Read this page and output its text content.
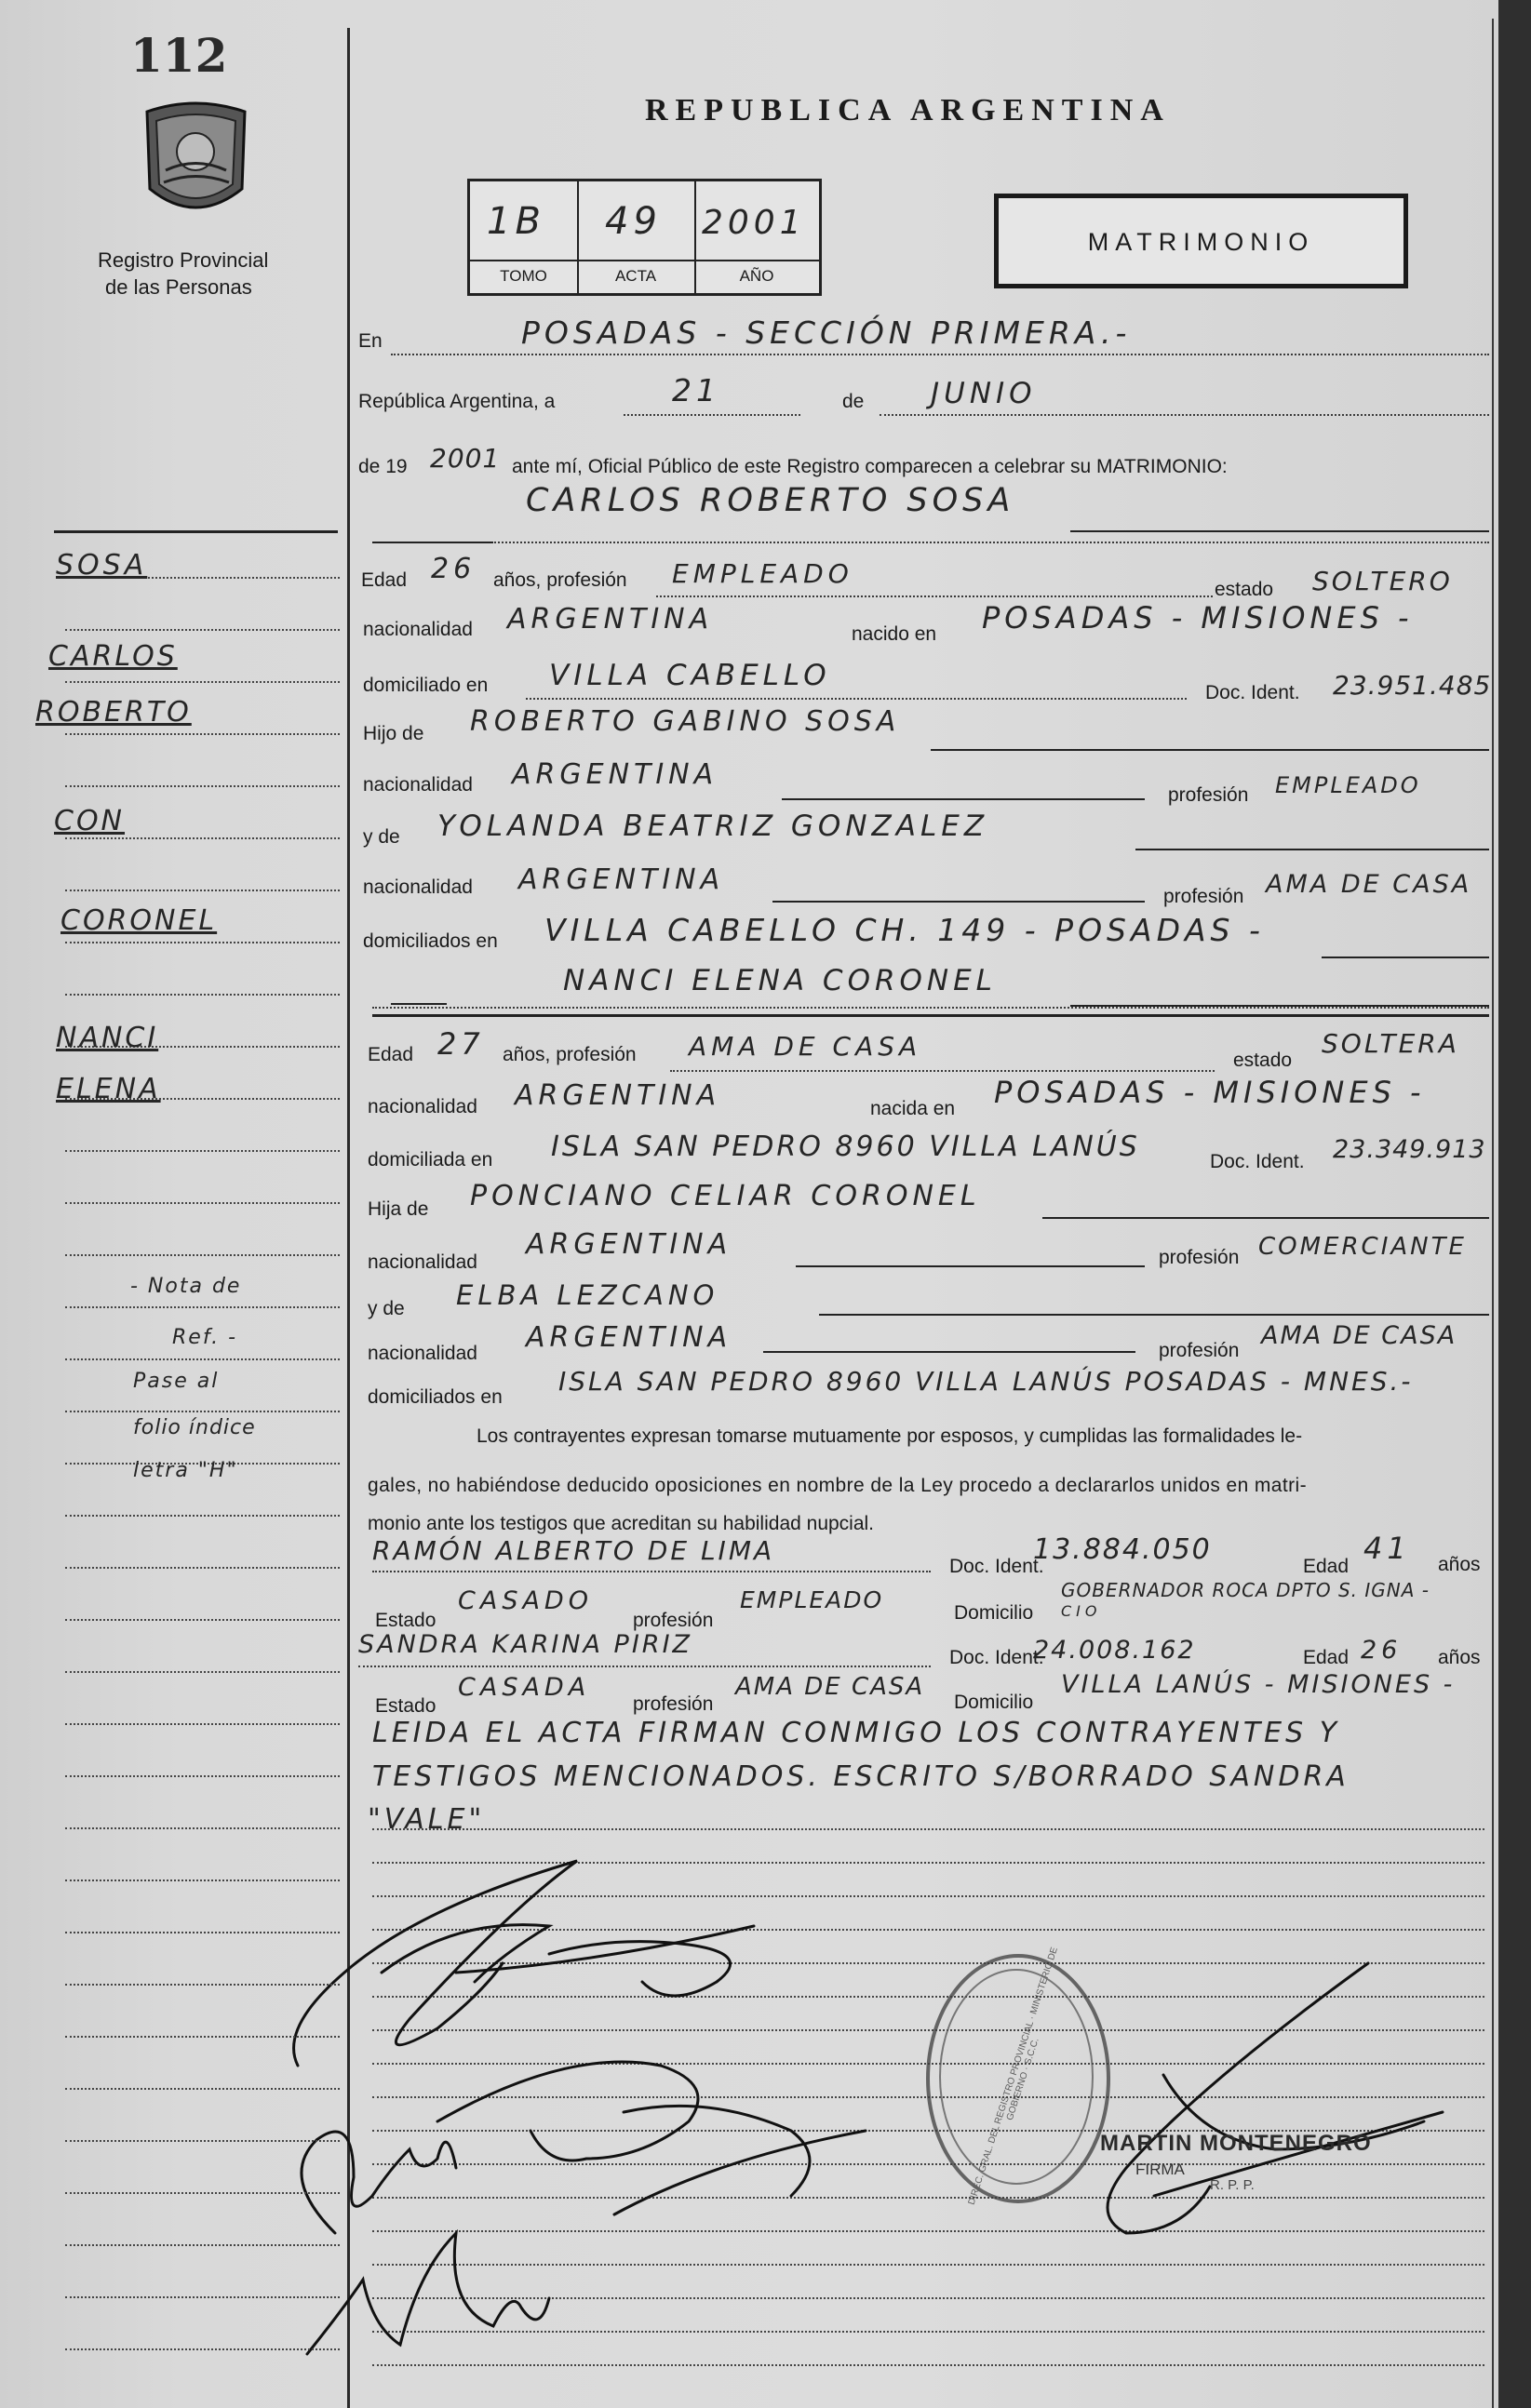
112
Registro Provincial
de las Personas
REPUBLICA ARGENTINA
1B
TOMO
49
ACTA
2001
AÑO
MATRIMONIO
En	POSADAS - SECCIÓN PRIMERA.-
República Argentina, a	21	de JUNIO
de 19 2001 ante mí, Oficial Público de este Registro comparecen a celebrar su MATRIMONIO:
CARLOS ROBERTO SOSA
Edad 26 años, profesión EMPLEADO
estado SOLTERO
nacionalidad ARGENTINA	nacido en POSADAS - MISIONES -
domiciliado en VILLA CABELLO
Doc. Ident. 23.951.485
Hijo de ROBERTO GABINO SOSA
nacionalidad ARGENTINA
profesión EMPLEADO
y de YOLANDA BEATRIZ GONZALEZ
nacionalidad ARGENTINA
profesión AMA DE CASA
domiciliados en VILLA CABELLO CH. 149 - POSADAS -
NANCI ELENA CORONEL
Edad 27 años, profesión AMA DE CASA	estado
SOLTERA
nacionalidad ARGENTINA	nacida en POSADAS - MISIONES -
domiciliada en ISLA SAN PEDRO 8960 VILLA LANÚS	Doc. Ident. 23.349.913
Hija de PONCIANO CELIAR CORONEL
nacionalidad
ARGENTINA	profesión COMERCIANTE
y de ELBA LEZCANO
nacionalidad ARGENTINA	profesión
AMA DE CASA
domiciliados en
ISLA SAN PEDRO 8960 VILLA LANÚS POSADAS - MNES.-
Los contrayentes expresan tomarse mutuamente por esposos, y cumplidas las formalidades le-
gales, no habiéndose deducido oposiciones en nombre de la Ley procedo a declararlos unidos en matri-
monio ante los testigos que acreditan su habilidad nupcial.
RAMÓN ALBERTO DE LIMA
Doc. Ident.
13.884.050
Edad
41 años
Estado
CASADO
profesión
EMPLEADO	Domicilio
GOBERNADOR ROCA DPTO S. IGNA -
CIO
SANDRA KARINA PIRIZ	Doc. Ident.
24.008.162	Edad 26 años
Estado
CASADA
profesión
AMA DE CASA
Domicilio
VILLA LANÚS - MISIONES -
LEIDA EL ACTA FIRMAN CONMIGO LOS CONTRAYENTES Y
TESTIGOS MENCIONADOS. ESCRITO S/BORRADO SANDRA
"VALE"
DIREC. GRAL. DEL REGISTRO PROVINCIAL · MINISTERIO DE GOBIERNO · S.C.C.
MARTIN MONTENEGRO
FIRMA
R. P. P.
SOSA
CARLOS
ROBERTO
CON
CORONEL
NANCI
ELENA
- Nota de
Ref. -
Pase al
folio índice
letra "H"
